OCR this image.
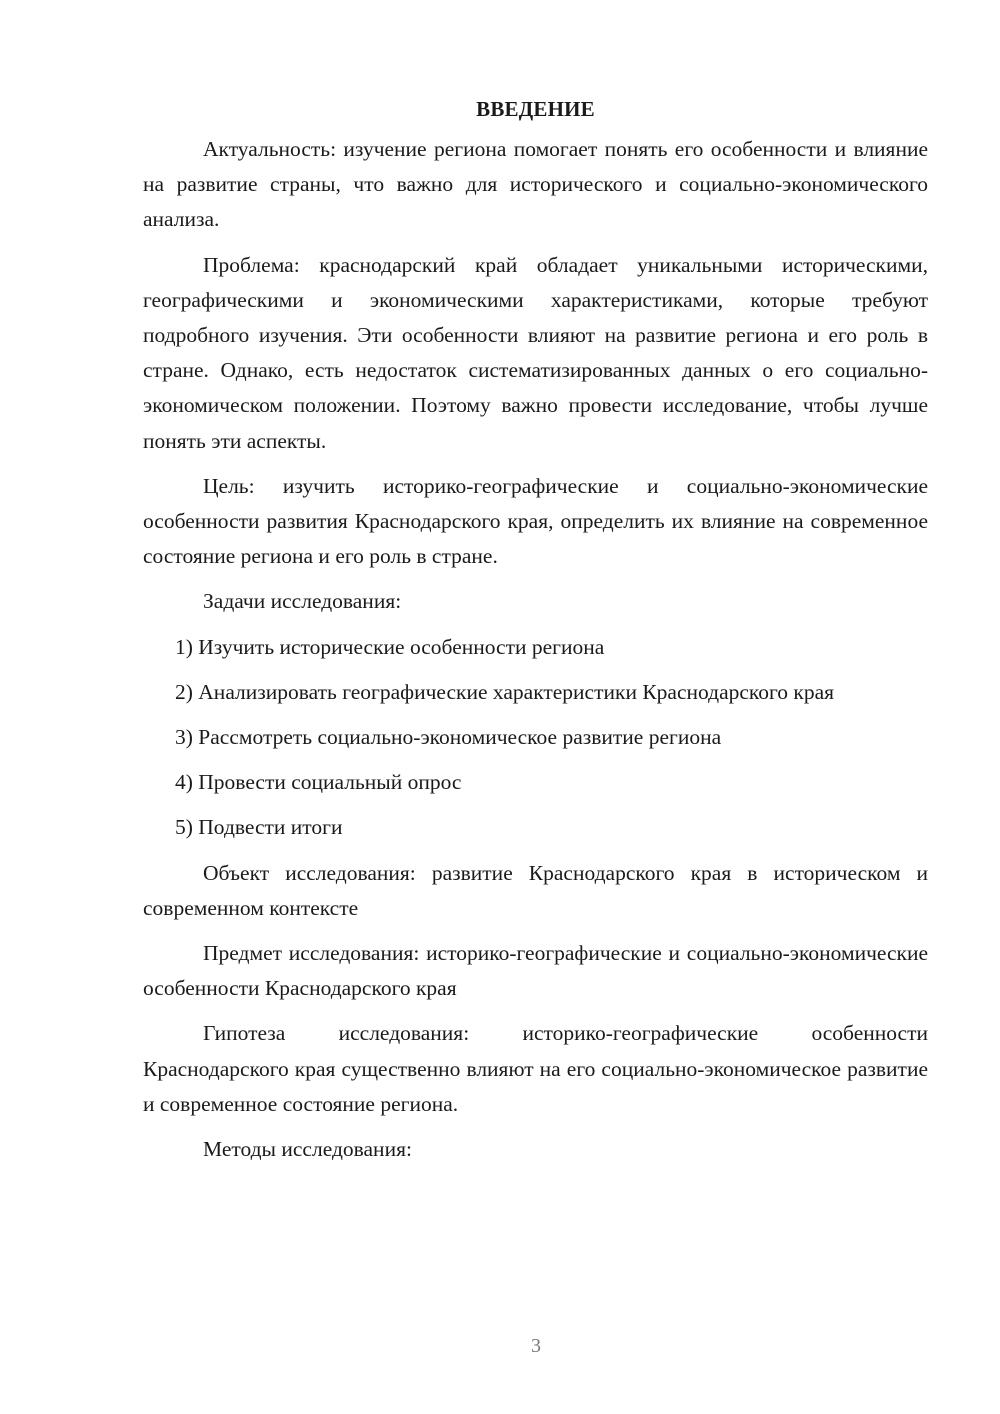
ВВЕДЕНИЕ

Актуальность: изучение региона помогает понять его особенности и влияние на развитие страны, что важно для исторического и социально-экономического анализа.

Проблема: краснодарский край обладает уникальными историческими, географическими и экономическими характеристиками, которые требуют подробного изучения. Эти особенности влияют на развитие региона и его роль в стране. Однако, есть недостаток систематизированных данных о его социально-экономическом положении. Поэтому важно провести исследование, чтобы лучше понять эти аспекты.

Цель: изучить историко-географические и социально-экономические особенности развития Краснодарского края, определить их влияние на современное состояние региона и его роль в стране.

Задачи исследования:

1) Изучить исторические особенности региона

2) Анализировать географические характеристики Краснодарского края

3) Рассмотреть социально-экономическое развитие региона

4) Провести социальный опрос

5) Подвести итоги

Объект исследования: развитие Краснодарского края в историческом и современном контексте

Предмет исследования: историко-географические и социально-экономические особенности Краснодарского края

Гипотеза исследования: историко-географические особенности Краснодарского края существенно влияют на его социально-экономическое развитие и современное состояние региона.

Методы исследования:

3
